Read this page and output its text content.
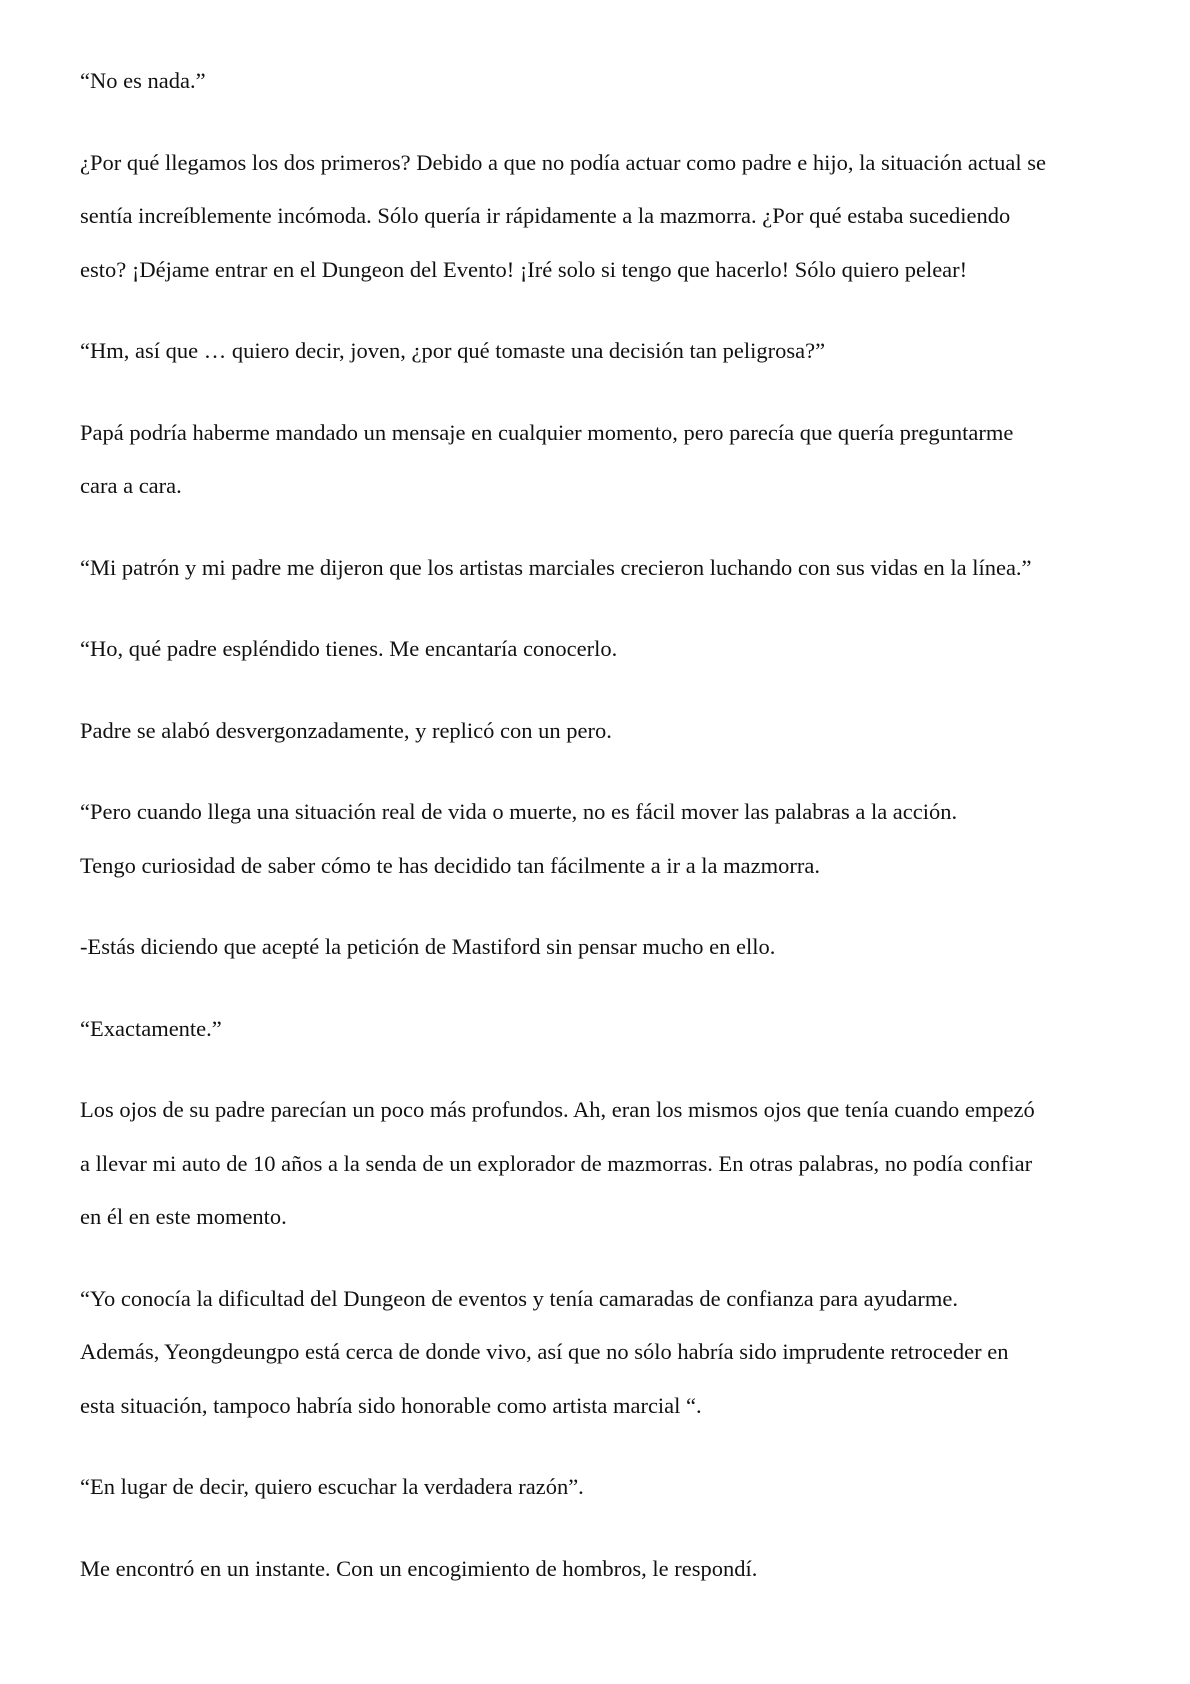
“No es nada.”

¿Por qué llegamos los dos primeros? Debido a que no podía actuar como padre e hijo, la situación actual se
sentía increíblemente incómoda. Sólo quería ir rápidamente a la mazmorra. ¿Por qué estaba sucediendo
esto? ¡Déjame entrar en el Dungeon del Evento! ¡Iré solo si tengo que hacerlo! Sólo quiero pelear!

“Hm, así que … quiero decir, joven, ¿por qué tomaste una decisión tan peligrosa?”

Papá podría haberme mandado un mensaje en cualquier momento, pero parecía que quería preguntarme
cara a cara.

“Mi patrón y mi padre me dijeron que los artistas marciales crecieron luchando con sus vidas en la línea.”

“Ho, qué padre espléndido tienes. Me encantaría conocerlo.

Padre se alabó desvergonzadamente, y replicó con un pero.

“Pero cuando llega una situación real de vida o muerte, no es fácil mover las palabras a la acción.
Tengo curiosidad de saber cómo te has decidido tan fácilmente a ir a la mazmorra.

-Estás diciendo que acepté la petición de Mastiford sin pensar mucho en ello.

“Exactamente.”

Los ojos de su padre parecían un poco más profundos. Ah, eran los mismos ojos que tenía cuando empezó
a llevar mi auto de 10 años a la senda de un explorador de mazmorras. En otras palabras, no podía confiar
en él en este momento.

“Yo conocía la dificultad del Dungeon de eventos y tenía camaradas de confianza para ayudarme.
Además, Yeongdeungpo está cerca de donde vivo, así que no sólo habría sido imprudente retroceder en
esta situación, tampoco habría sido honorable como artista marcial “.

“En lugar de decir, quiero escuchar la verdadera razón”.

Me encontró en un instante. Con un encogimiento de hombros, le respondí.
